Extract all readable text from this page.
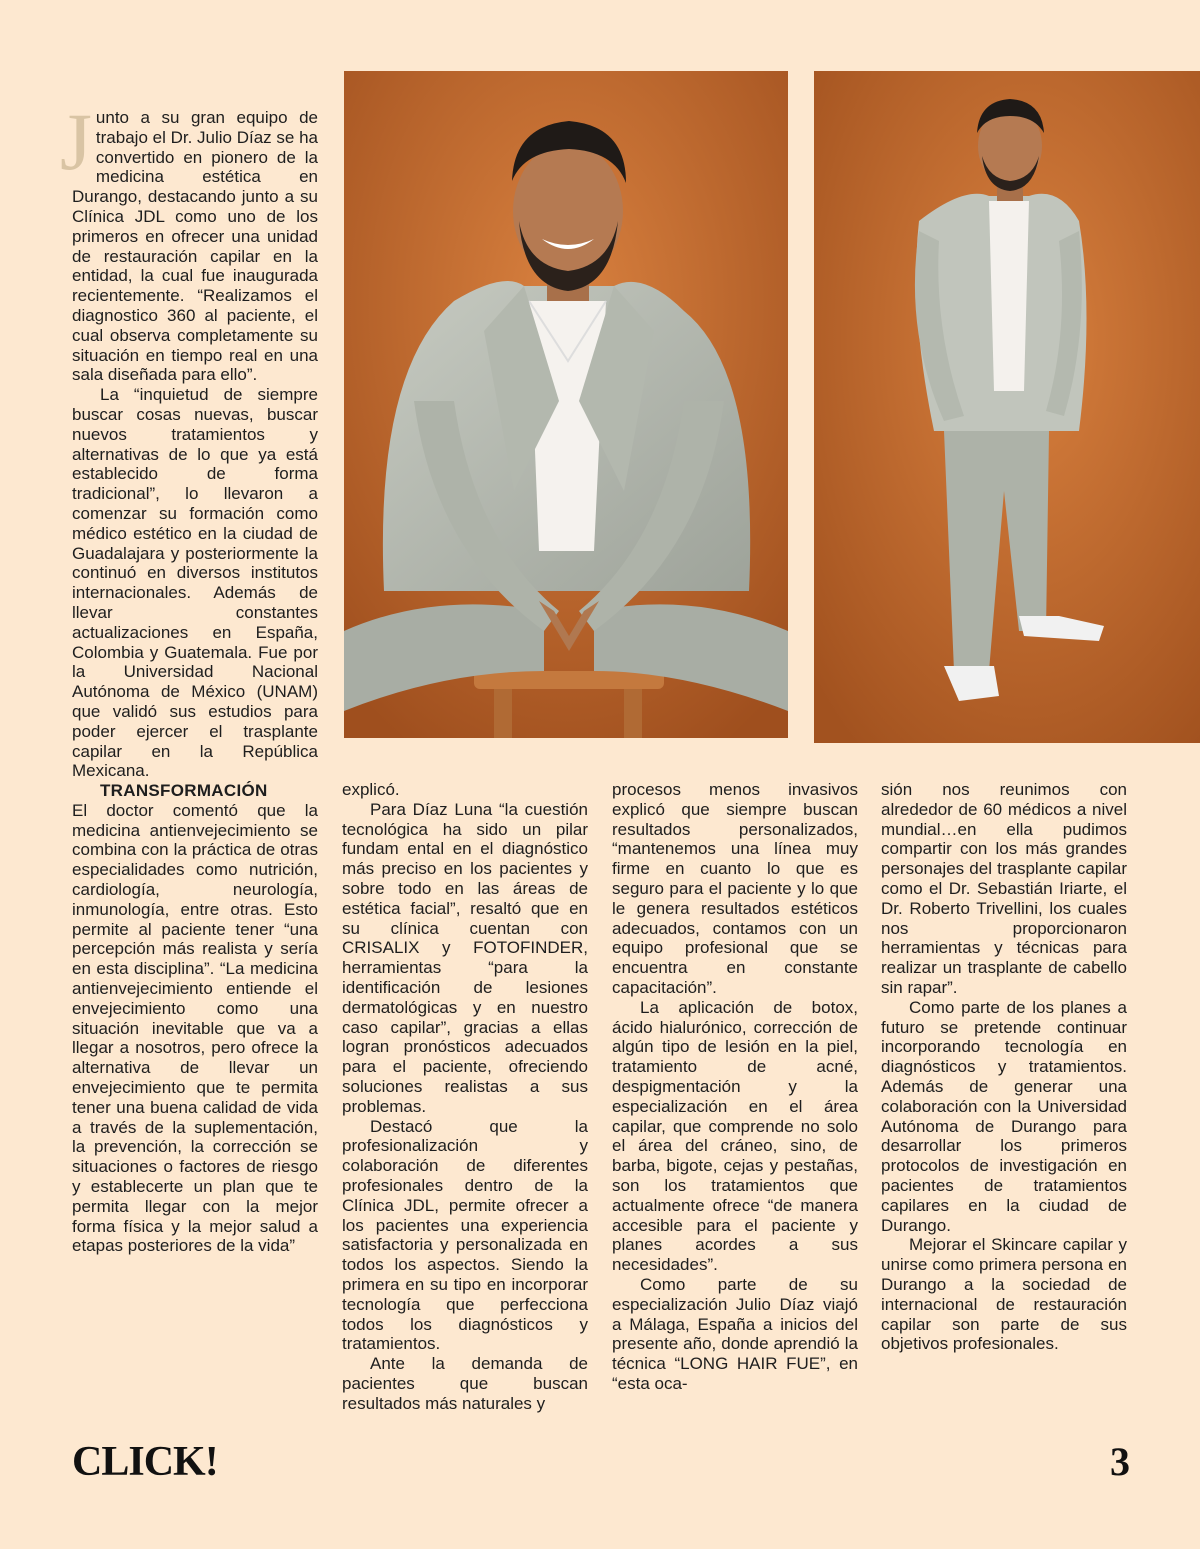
J unto a su gran equipo de trabajo el Dr. Julio Díaz se ha convertido en pionero de la medicina estética en Durango, destacando junto a su Clínica JDL como uno de los primeros en ofrecer una unidad de restauración capilar en la entidad, la cual fue inaugurada recientemente. “Realizamos el diagnostico 360 al paciente, el cual observa completamente su situación en tiempo real en una sala diseñada para ello”.

La “inquietud de siempre buscar cosas nuevas, buscar nuevos tratamientos y alternativas de lo que ya está establecido de forma tradicional”, lo llevaron a comenzar su formación como médico estético en la ciudad de Guadalajara y posteriormente la continuó en diversos institutos internacionales. Además de llevar constantes actualizaciones en España, Colombia y Guatemala. Fue por la Universidad Nacional Autónoma de México (UNAM) que validó sus estudios para poder ejercer el trasplante capilar en la República Mexicana.

TRANSFORMACIÓN

El doctor comentó que la medicina antienvejecimiento se combina con la práctica de otras especialidades como nutrición, cardiología, neurología, inmunología, entre otras. Esto permite al paciente tener “una percepción más realista y sería en esta disciplina”. “La medicina antienvejecimiento entiende el envejecimiento como una situación inevitable que va a llegar a nosotros, pero ofrece la alternativa de llevar un envejecimiento que te permita tener una buena calidad de vida a través de la suplementación, la prevención, la corrección se situaciones o factores de riesgo y establecerte un plan que te permita llegar con la mejor forma física y la mejor salud a etapas posteriores de la vida”

explicó.

Para Díaz Luna “la cuestión tecnológica ha sido un pilar fundam ental en el diagnóstico más preciso en los pacientes y sobre todo en las áreas de estética facial”, resaltó que en su clínica cuentan con CRISALIX y FOTOFINDER, herramientas “para la identificación de lesiones dermatológicas y en nuestro caso capilar”, gracias a ellas logran pronósticos adecuados para el paciente, ofreciendo soluciones realistas a sus problemas.

Destacó que la profesionalización y colaboración de diferentes profesionales dentro de la Clínica JDL, permite ofrecer a los pacientes una experiencia satisfactoria y personalizada en todos los aspectos. Siendo la primera en su tipo en incorporar tecnología que perfecciona todos los diagnósticos y tratamientos.

Ante la demanda de pacientes que buscan resultados más naturales y

procesos menos invasivos explicó que siempre buscan resultados personalizados, “mantenemos una línea muy firme en cuanto lo que es seguro para el paciente y lo que le genera resultados estéticos adecuados, contamos con un equipo profesional que se encuentra en constante capacitación”.

La aplicación de botox, ácido hialurónico, corrección de algún tipo de lesión en la piel, tratamiento de acné, despigmentación y la especialización en el área capilar, que comprende no solo el área del cráneo, sino, de barba, bigote, cejas y pestañas, son los tratamientos que actualmente ofrece “de manera accesible para el paciente y planes acordes a sus necesidades”.

Como parte de su especialización Julio Díaz viajó a Málaga, España a inicios del presente año, donde aprendió la técnica “LONG HAIR FUE”, en “esta oca-

sión nos reunimos con alrededor de 60 médicos a nivel mundial…en ella pudimos compartir con los más grandes personajes del trasplante capilar como el Dr. Sebastián Iriarte, el Dr. Roberto Trivellini, los cuales nos proporcionaron herramientas y técnicas para realizar un trasplante de cabello sin rapar”.

Como parte de los planes a futuro se pretende continuar incorporando tecnología en diagnósticos y tratamientos. Además de generar una colaboración con la Universidad Autónoma de Durango para desarrollar los primeros protocolos de investigación en pacientes de tratamientos capilares en la ciudad de Durango.

Mejorar el Skincare capilar y unirse como primera persona en Durango a la sociedad de internacional de restauración capilar son parte de sus objetivos profesionales.

CLICK!	3
